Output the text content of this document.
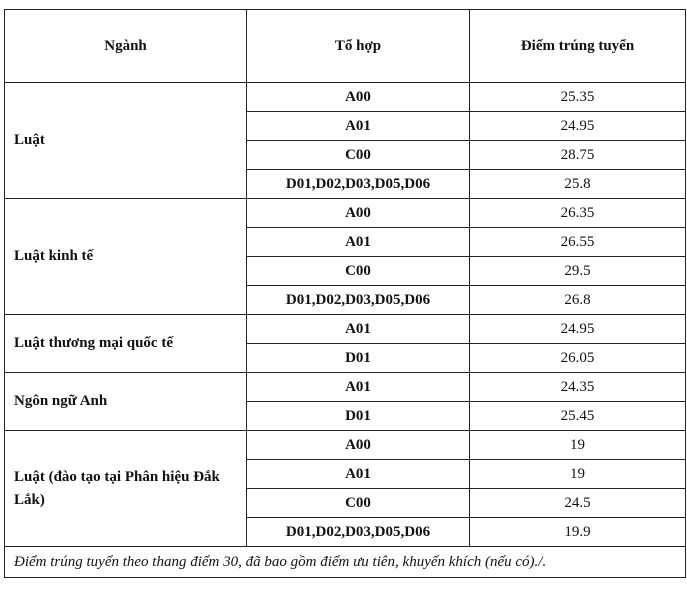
Ngành	Tổ hợp	Điểm trúng tuyển
Luật	A00	25.35
	A01	24.95
	C00	28.75
	D01,D02,D03,D05,D06	25.8
Luật kinh tế	A00	26.35
	A01	26.55
	C00	29.5
	D01,D02,D03,D05,D06	26.8
Luật thương mại quốc tế	A01	24.95
	D01	26.05
Ngôn ngữ Anh	A01	24.35
	D01	25.45
Luật (đào tạo tại Phân hiệu Đắk Lắk)	A00	19
	A01	19
	C00	24.5
	D01,D02,D03,D05,D06	19.9
Điểm trúng tuyển theo thang điểm 30, đã bao gồm điểm ưu tiên, khuyến khích (nếu có)./.		
